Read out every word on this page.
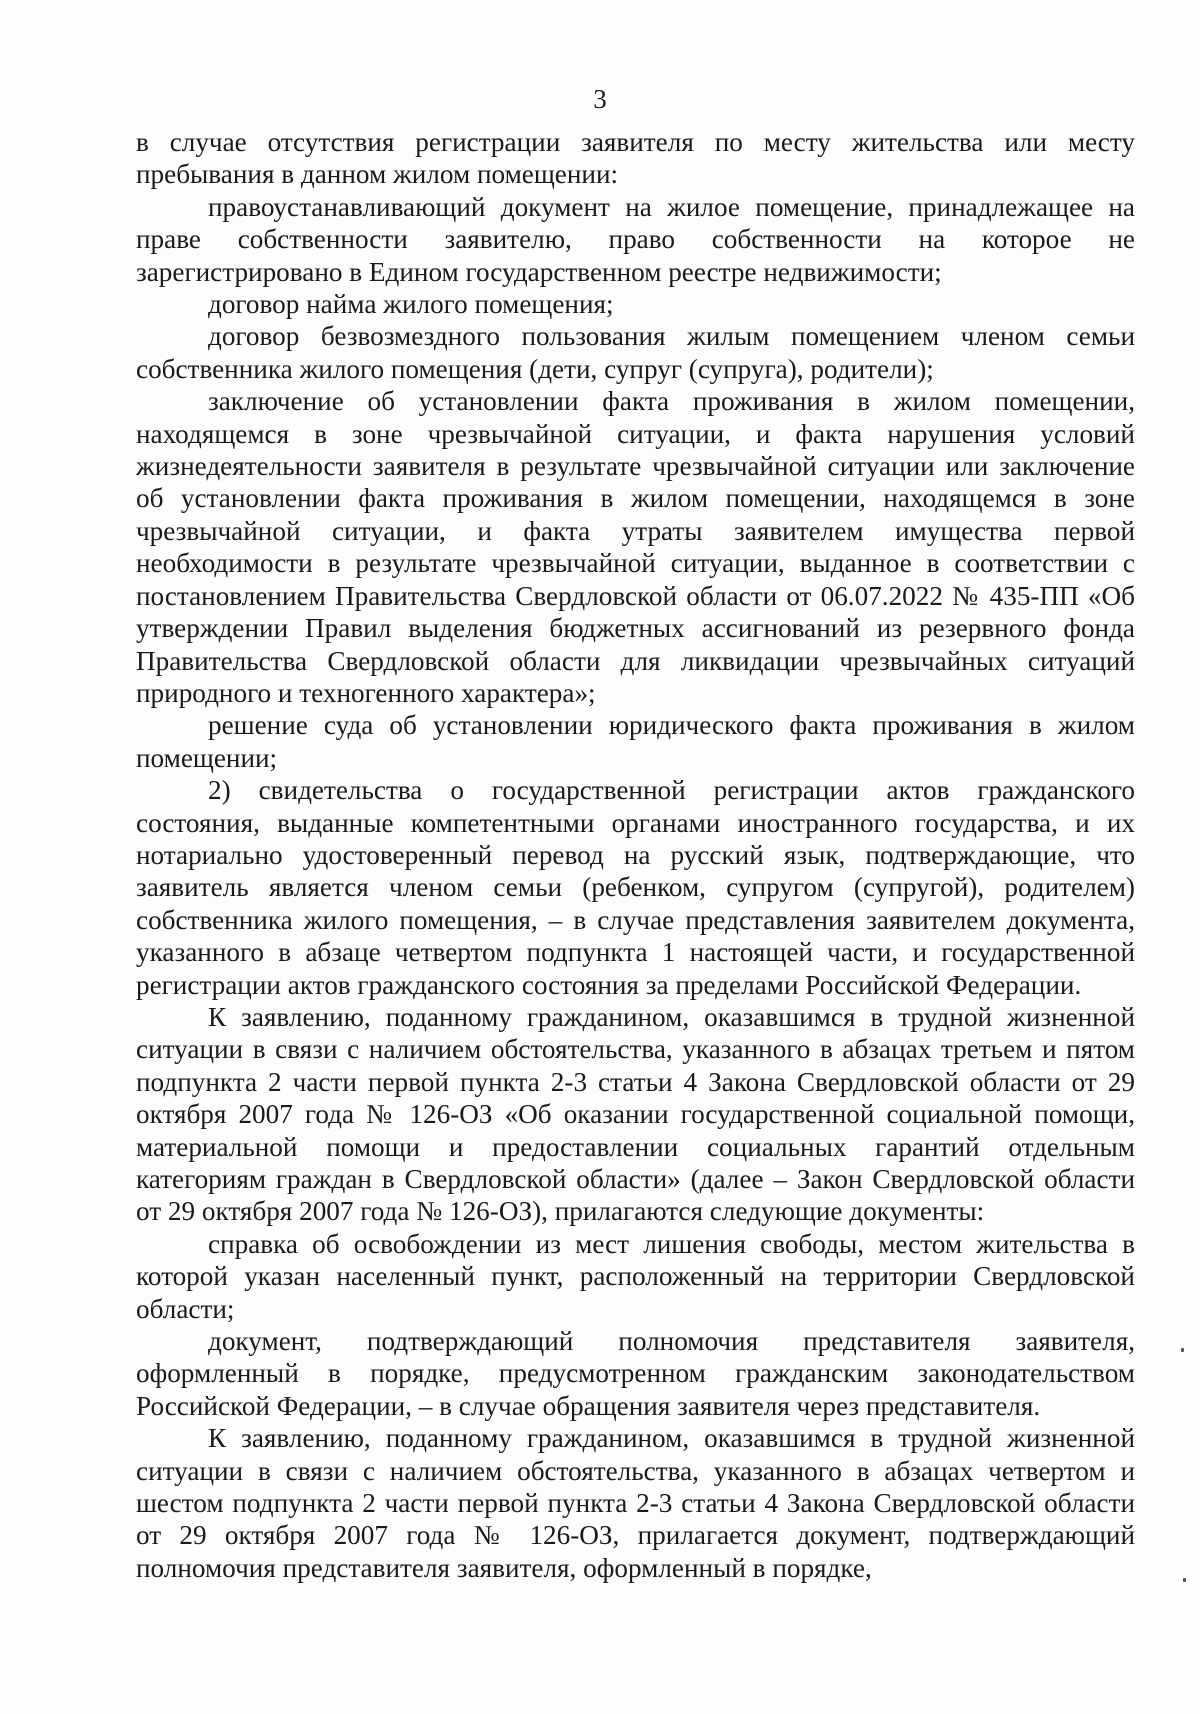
3

в случае отсутствия регистрации заявителя по месту жительства или месту пребывания в данном жилом помещении:

правоустанавливающий документ на жилое помещение, принадлежащее на праве собственности заявителю, право собственности на которое не зарегистрировано в Едином государственном реестре недвижимости;

договор найма жилого помещения;

договор безвозмездного пользования жилым помещением членом семьи собственника жилого помещения (дети, супруг (супруга), родители);

заключение об установлении факта проживания в жилом помещении, находящемся в зоне чрезвычайной ситуации, и факта нарушения условий жизнедеятельности заявителя в результате чрезвычайной ситуации или заключение об установлении факта проживания в жилом помещении, находящемся в зоне чрезвычайной ситуации, и факта утраты заявителем имущества первой необходимости в результате чрезвычайной ситуации, выданное в соответствии с постановлением Правительства Свердловской области от 06.07.2022 № 435-ПП «Об утверждении Правил выделения бюджетных ассигнований из резервного фонда Правительства Свердловской области для ликвидации чрезвычайных ситуаций природного и техногенного характера»;

решение суда об установлении юридического факта проживания в жилом помещении;

2) свидетельства о государственной регистрации актов гражданского состояния, выданные компетентными органами иностранного государства, и их нотариально удостоверенный перевод на русский язык, подтверждающие, что заявитель является членом семьи (ребенком, супругом (супругой), родителем) собственника жилого помещения, – в случае представления заявителем документа, указанного в абзаце четвертом подпункта 1 настоящей части, и государственной регистрации актов гражданского состояния за пределами Российской Федерации.

К заявлению, поданному гражданином, оказавшимся в трудной жизненной ситуации в связи с наличием обстоятельства, указанного в абзацах третьем и пятом подпункта 2 части первой пункта 2-3 статьи 4 Закона Свердловской области от 29 октября 2007 года № 126-ОЗ «Об оказании государственной социальной помощи, материальной помощи и предоставлении социальных гарантий отдельным категориям граждан в Свердловской области» (далее – Закон Свердловской области от 29 октября 2007 года № 126-ОЗ), прилагаются следующие документы:

справка об освобождении из мест лишения свободы, местом жительства в которой указан населенный пункт, расположенный на территории Свердловской области;

документ, подтверждающий полномочия представителя заявителя, оформленный в порядке, предусмотренном гражданским законодательством Российской Федерации, – в случае обращения заявителя через представителя.

К заявлению, поданному гражданином, оказавшимся в трудной жизненной ситуации в связи с наличием обстоятельства, указанного в абзацах четвертом и шестом подпункта 2 части первой пункта 2-3 статьи 4 Закона Свердловской области от 29 октября 2007 года № 126-ОЗ, прилагается документ, подтверждающий полномочия представителя заявителя, оформленный в порядке,
